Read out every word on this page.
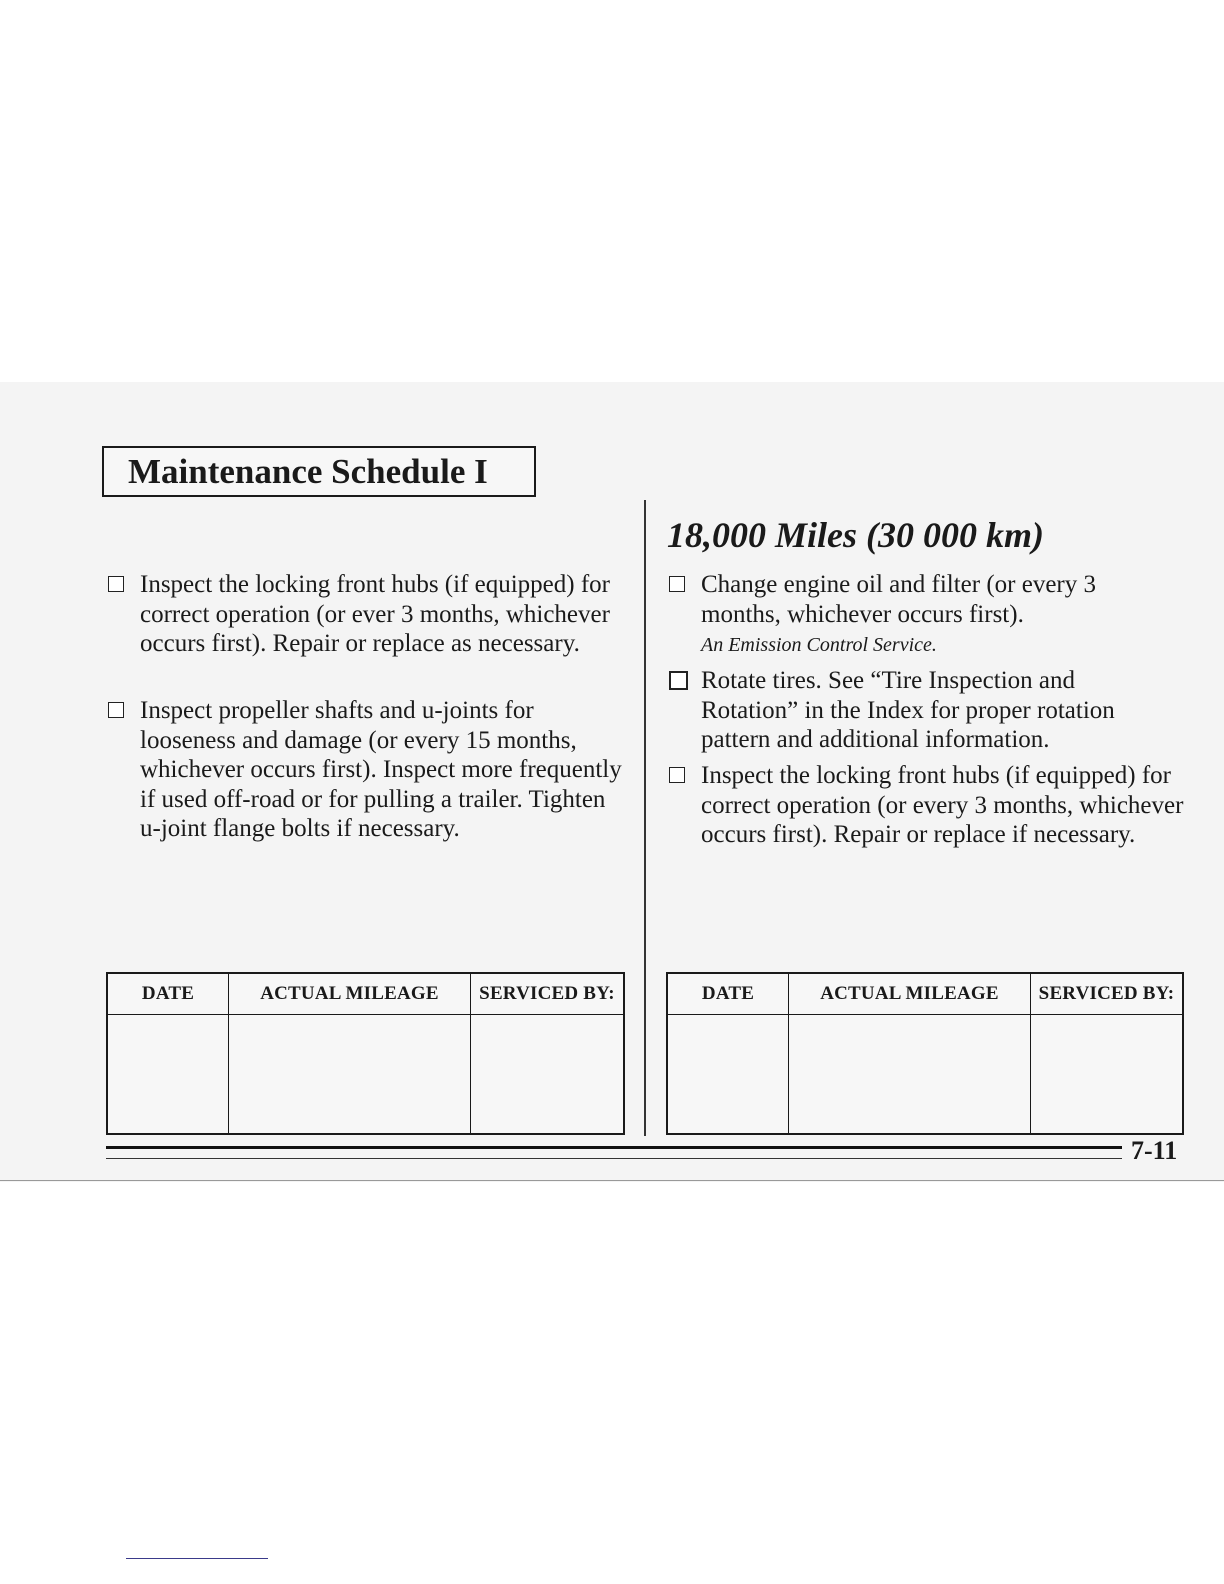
Maintenance Schedule I
Inspect the locking front hubs (if equipped) for correct operation (or ever 3 months, whichever occurs first). Repair or replace as necessary.
Inspect propeller shafts and u-joints for looseness and damage (or every 15 months, whichever occurs first). Inspect more frequently if used off-road or for pulling a trailer. Tighten u-joint flange bolts if necessary.
DATE	ACTUAL MILEAGE	SERVICED BY:

18,000 Miles (30 000 km)
Change engine oil and filter (or every 3 months, whichever occurs first).
An Emission Control Service.
Rotate tires. See “Tire Inspection and Rotation” in the Index for proper rotation pattern and additional information.
Inspect the locking front hubs (if equipped) for correct operation (or every 3 months, whichever occurs first). Repair or replace if necessary.
DATE	ACTUAL MILEAGE	SERVICED BY:

7-11
